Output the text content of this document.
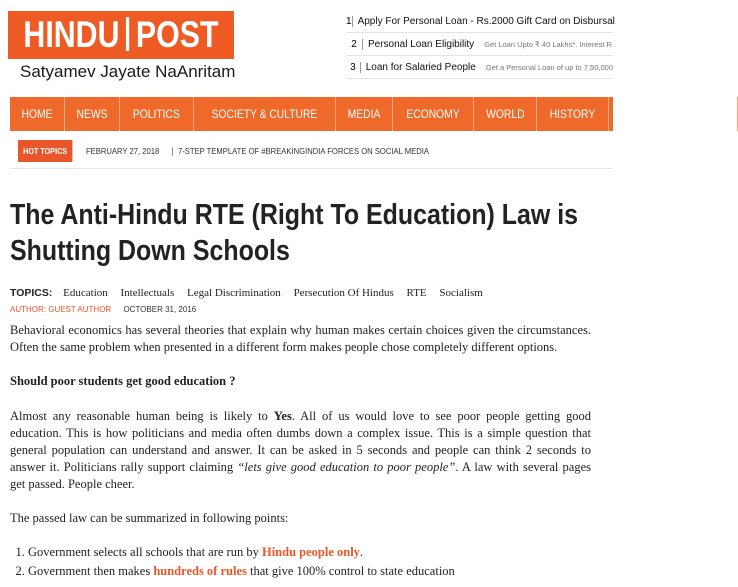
HINDU POST
Satyamev Jayate NaAnritam
1 Apply For Personal Loan - Rs.2000 Gift Card on Disbursal
2	Personal Loan Eligibility Get Loan Upto ₹ 40 Lakhs*. Interest R
3	Loan for Salaried People Get a Personal Loan of up to 7,50,000
HOME NEWS POLITICS	SOCIETY & CULTURE	MEDIA ECONOMY WORLD HISTORY	BHARATIYA BHASH
HOT TOPICS	FEBRUARY 27, 2018 | 7-STEP TEMPLATE OF #BREAKINGINDIA FORCES ON SOCIAL MEDIA
The Anti-Hindu RTE (Right To Education) Law is Shutting Down Schools
TOPICS: Education Intellectuals Legal Discrimination Persecution Of Hindus RTE Socialism
AUTHOR: GUEST AUTHOR OCTOBER 31, 2016

Behavioral economics has several theories that explain why human makes certain choices given the circumstances. Often the same problem when presented in a different form makes people chose completely different options.

Should poor students get good education ?

Almost any reasonable human being is likely to Yes. All of us would love to see poor people getting good education. This is how politicians and media often dumbs down a complex issue. This is a simple question that general population can understand and answer. It can be asked in 5 seconds and people can think 2 seconds to answer it. Politicians rally support claiming “lets give good education to poor people”. A law with several pages get passed. People cheer.

The passed law can be summarized in following points:

1. Government selects all schools that are run by Hindu people only.
2. Government then makes hundreds of rules that give 100% control to state education
